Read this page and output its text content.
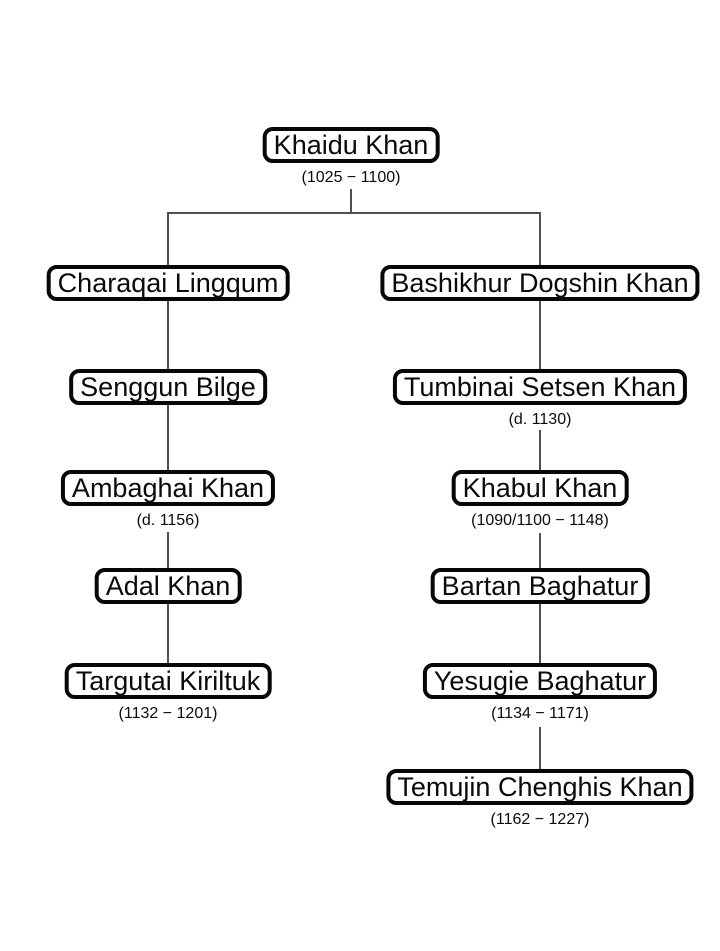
Khaidu Khan
(1025 − 1100)
Charaqai Lingqum	Bashikhur Dogshin Khan
Senggun Bilge	Tumbinai Setsen Khan
(d. 1130)
Ambaghai Khan
(d. 1156)
Khabul Khan
(1090/1100 − 1148)
Adal Khan	Bartan Baghatur
Targutai Kiriltuk
(1132 − 1201)
Yesugie Baghatur
(1134 − 1171)
Temujin Chenghis Khan
(1162 − 1227)
